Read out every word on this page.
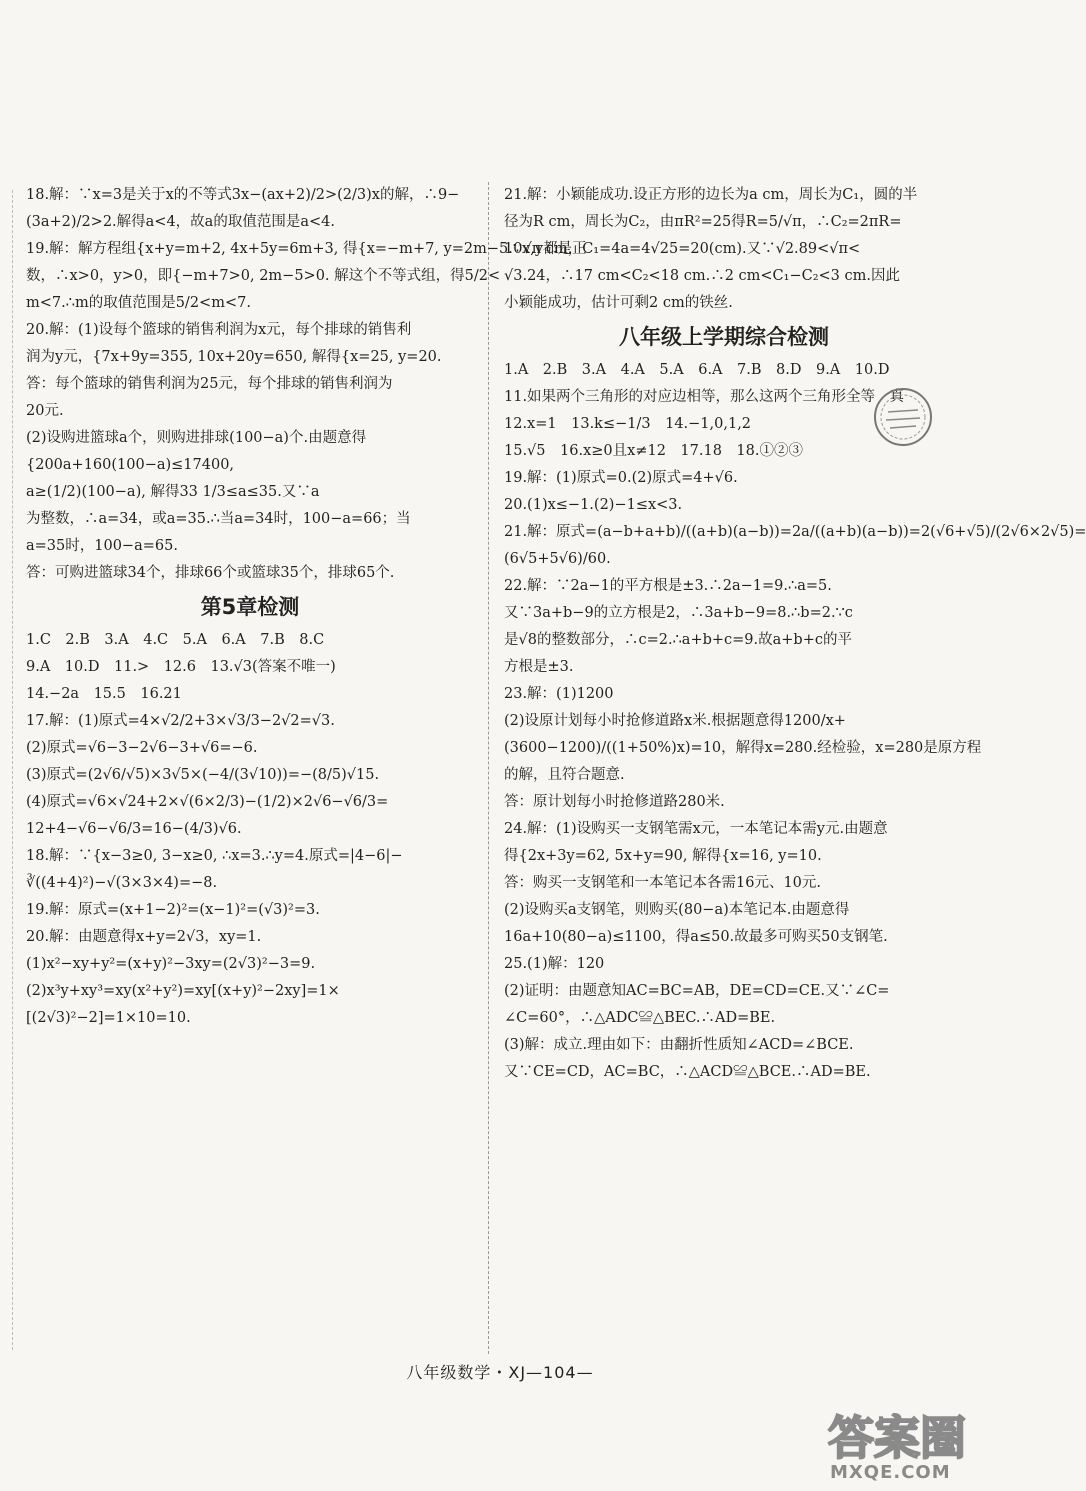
18.解：∵x=3是关于x的不等式3x−(ax+2)/2>(2/3)x的解，∴9−
(3a+2)/2>2.解得a<4，故a的取值范围是a<4.
19.解：解方程组{x+y=m+2, 4x+5y=6m+3, 得{x=−m+7, y=2m−5.∵x,y都是正
数，∴x>0，y>0，即{−m+7>0, 2m−5>0. 解这个不等式组，得5/2<
m<7.∴m的取值范围是5/2<m<7.
20.解：(1)设每个篮球的销售利润为x元，每个排球的销售利
润为y元，{7x+9y=355, 10x+20y=650, 解得{x=25, y=20.
答：每个篮球的销售利润为25元，每个排球的销售利润为
20元.
(2)设购进篮球a个，则购进排球(100−a)个.由题意得
{200a+160(100−a)≤17400,
a≥(1/2)(100−a), 解得33 1/3≤a≤35.又∵a
为整数，∴a=34，或a=35.∴当a=34时，100−a=66；当
a=35时，100−a=65.
答：可购进篮球34个，排球66个或篮球35个，排球65个.
第5章检测
1.C　2.B　3.A　4.C　5.A　6.A　7.B　8.C
9.A　10.D　11.>　12.6　13.√3(答案不唯一)
14.−2a　15.5　16.21
17.解：(1)原式=4×√2/2+3×√3/3−2√2=√3.
(2)原式=√6−3−2√6−3+√6=−6.
(3)原式=(2√6/√5)×3√5×(−4/(3√10))=−(8/5)√15.
(4)原式=√6×√24+2×√(6×2/3)−(1/2)×2√6−√6/3=
12+4−√6−√6/3=16−(4/3)√6.
18.解：∵{x−3≥0, 3−x≥0, ∴x=3.∴y=4.原式=|4−6|−
∛((4+4)²)−√(3×3×4)=−8.
19.解：原式=(x+1−2)²=(x−1)²=(√3)²=3.
20.解：由题意得x+y=2√3，xy=1.
(1)x²−xy+y²=(x+y)²−3xy=(2√3)²−3=9.
(2)x³y+xy³=xy(x²+y²)=xy[(x+y)²−2xy]=1×
[(2√3)²−2]=1×10=10.
21.解：小颖能成功.设正方形的边长为a cm，周长为C₁，圆的半
径为R cm，周长为C₂，由πR²=25得R=5/√π，∴C₂=2πR=
10√π cm，C₁=4a=4√25=20(cm).又∵√2.89<√π<
√3.24，∴17 cm<C₂<18 cm.∴2 cm<C₁−C₂<3 cm.因此
小颖能成功，估计可剩2 cm的铁丝.
八年级上学期综合检测
1.A　2.B　3.A　4.A　5.A　6.A　7.B　8.D　9.A　10.D
11.如果两个三角形的对应边相等，那么这两个三角形全等　真
12.x=1　13.k≤−1/3　14.−1,0,1,2
15.√5　16.x≥0且x≠12　17.18　18.①②③
19.解：(1)原式=0.(2)原式=4+√6.
20.(1)x≤−1.(2)−1≤x<3.
21.解：原式=(a−b+a+b)/((a+b)(a−b))=2a/((a+b)(a−b))=2(√6+√5)/(2√6×2√5)=
(6√5+5√6)/60.
22.解：∵2a−1的平方根是±3.∴2a−1=9.∴a=5.
又∵3a+b−9的立方根是2，∴3a+b−9=8.∴b=2.∵c
是√8的整数部分，∴c=2.∴a+b+c=9.故a+b+c的平
方根是±3.
23.解：(1)1200
(2)设原计划每小时抢修道路x米.根据题意得1200/x+
(3600−1200)/((1+50%)x)=10，解得x=280.经检验，x=280是原方程
的解，且符合题意.
答：原计划每小时抢修道路280米.
24.解：(1)设购买一支钢笔需x元，一本笔记本需y元.由题意
得{2x+3y=62, 5x+y=90, 解得{x=16, y=10.
答：购买一支钢笔和一本笔记本各需16元、10元.
(2)设购买a支钢笔，则购买(80−a)本笔记本.由题意得
16a+10(80−a)≤1100，得a≤50.故最多可购买50支钢笔.
25.(1)解：120
(2)证明：由题意知AC=BC=AB，DE=CD=CE.又∵∠C=
∠C=60°，∴△ADC≌△BEC.∴AD=BE.
(3)解：成立.理由如下：由翻折性质知∠ACD=∠BCE.
又∵CE=CD，AC=BC，∴△ACD≌△BCE.∴AD=BE.
八年级数学・XJ—104—
答案圈
MXQE.COM
